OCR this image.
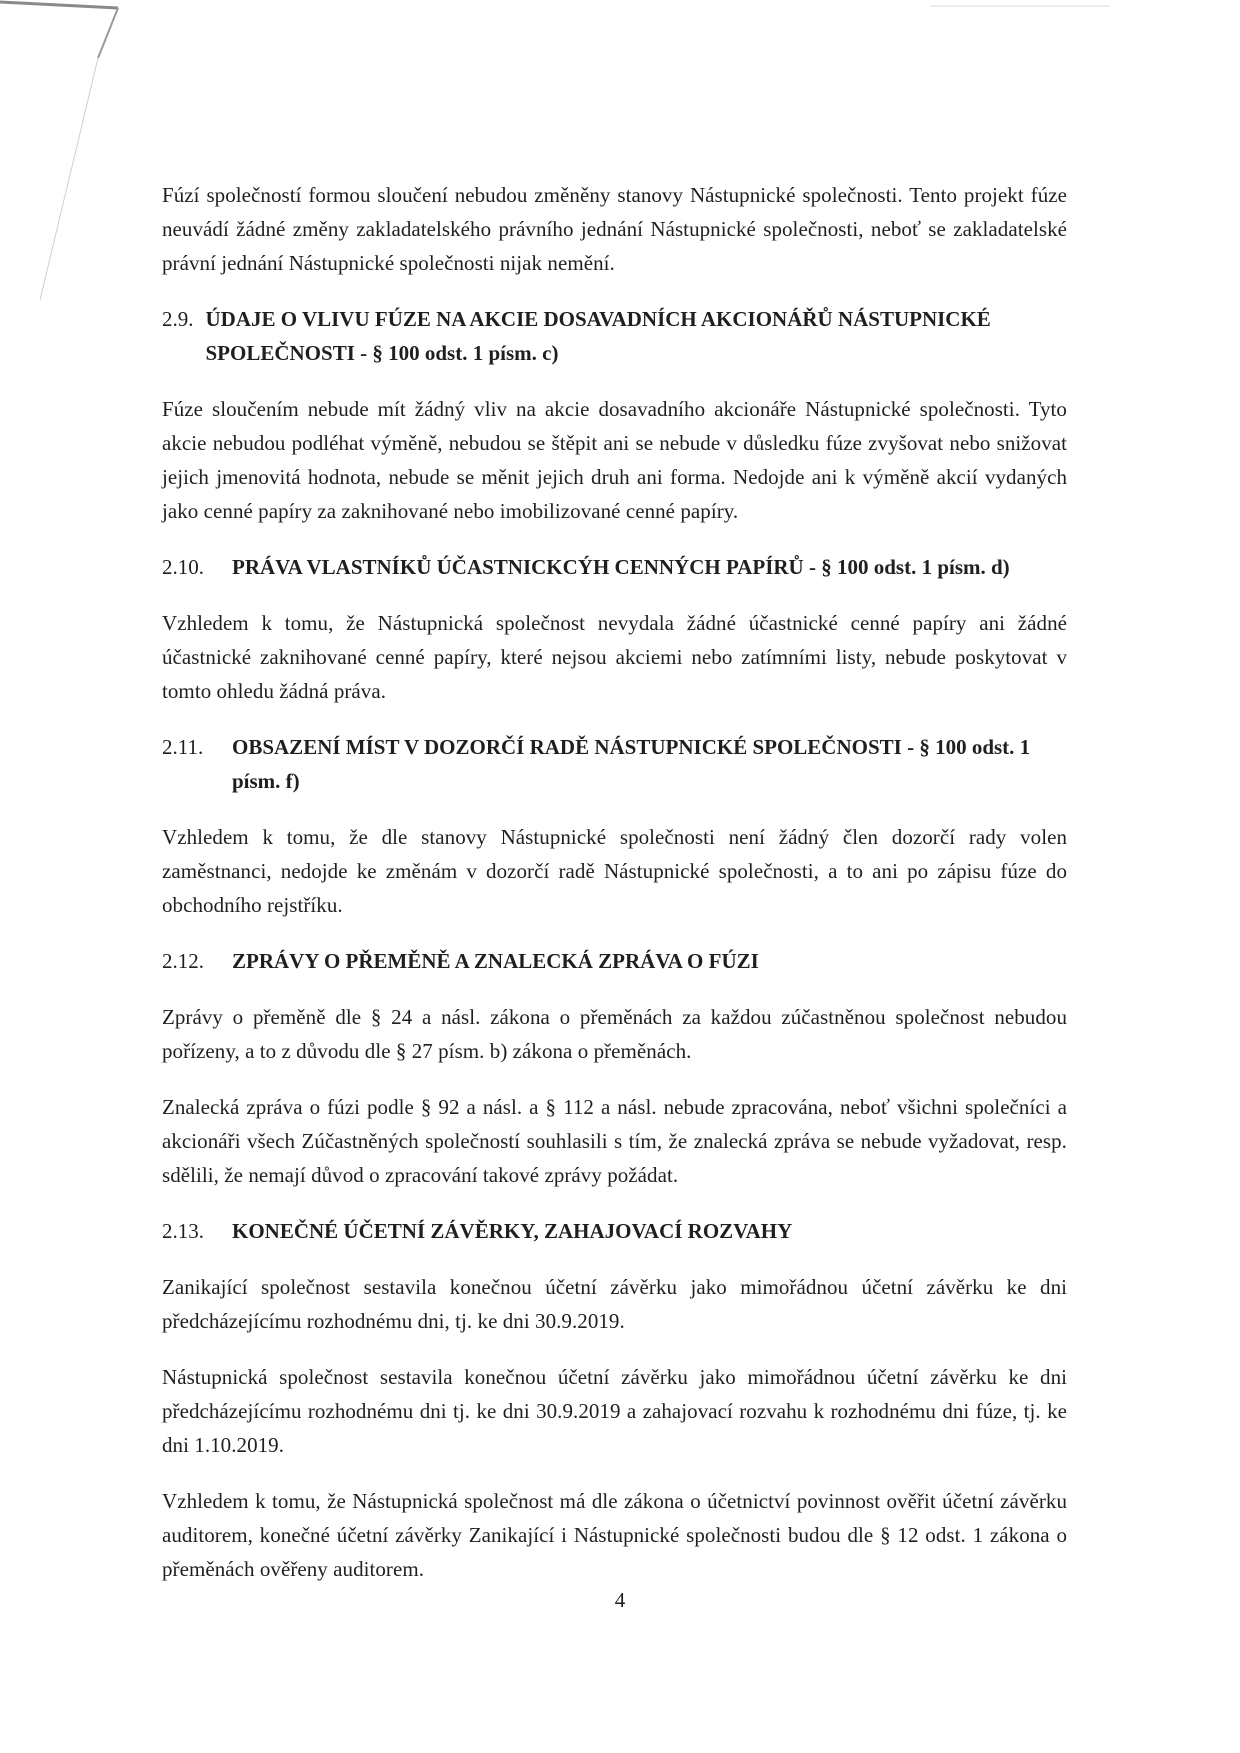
Fúzí společností formou sloučení nebudou změněny stanovy Nástupnické společnosti. Tento projekt fúze neuvádí žádné změny zakladatelského právního jednání Nástupnické společnosti, neboť se zakladatelské právní jednání Nástupnické společnosti nijak nemění.

2.9. ÚDAJE O VLIVU FÚZE NA AKCIE DOSAVADNÍCH AKCIONÁŘŮ NÁSTUPNICKÉ SPOLEČNOSTI - § 100 odst. 1 písm. c)

Fúze sloučením nebude mít žádný vliv na akcie dosavadního akcionáře Nástupnické společnosti. Tyto akcie nebudou podléhat výměně, nebudou se štěpit ani se nebude v důsledku fúze zvyšovat nebo snižovat jejich jmenovitá hodnota, nebude se měnit jejich druh ani forma. Nedojde ani k výměně akcií vydaných jako cenné papíry za zaknihované nebo imobilizované cenné papíry.

2.10.	PRÁVA VLASTNÍKŮ ÚČASTNICKCÝH CENNÝCH PAPÍRŮ - § 100 odst. 1 písm. d)

Vzhledem k tomu, že Nástupnická společnost nevydala žádné účastnické cenné papíry ani žádné účastnické zaknihované cenné papíry, které nejsou akciemi nebo zatímními listy, nebude poskytovat v tomto ohledu žádná práva.

2.11.	OBSAZENÍ MÍST V DOZORČÍ RADĚ NÁSTUPNICKÉ SPOLEČNOSTI - § 100 odst. 1 písm. f)

Vzhledem k tomu, že dle stanovy Nástupnické společnosti není žádný člen dozorčí rady volen zaměstnanci, nedojde ke změnám v dozorčí radě Nástupnické společnosti, a to ani po zápisu fúze do obchodního rejstříku.

2.12.	ZPRÁVY O PŘEMĚNĚ A ZNALECKÁ ZPRÁVA O FÚZI

Zprávy o přeměně dle § 24 a násl. zákona o přeměnách za každou zúčastněnou společnost nebudou pořízeny, a to z důvodu dle § 27 písm. b) zákona o přeměnách.

Znalecká zpráva o fúzi podle § 92 a násl. a § 112 a násl. nebude zpracována, neboť všichni společníci a akcionáři všech Zúčastněných společností souhlasili s tím, že znalecká zpráva se nebude vyžadovat, resp. sdělili, že nemají důvod o zpracování takové zprávy požádat.

2.13.	KONEČNÉ ÚČETNÍ ZÁVĚRKY, ZAHAJOVACÍ ROZVAHY

Zanikající společnost sestavila konečnou účetní závěrku jako mimořádnou účetní závěrku ke dni předcházejícímu rozhodnému dni, tj. ke dni 30.9.2019.

Nástupnická společnost sestavila konečnou účetní závěrku jako mimořádnou účetní závěrku ke dni předcházejícímu rozhodnému dni tj. ke dni 30.9.2019 a zahajovací rozvahu k rozhodnému dni fúze, tj. ke dni 1.10.2019.

Vzhledem k tomu, že Nástupnická společnost má dle zákona o účetnictví povinnost ověřit účetní závěrku auditorem, konečné účetní závěrky Zanikající i Nástupnické společnosti budou dle § 12 odst. 1 zákona o přeměnách ověřeny auditorem.

4
